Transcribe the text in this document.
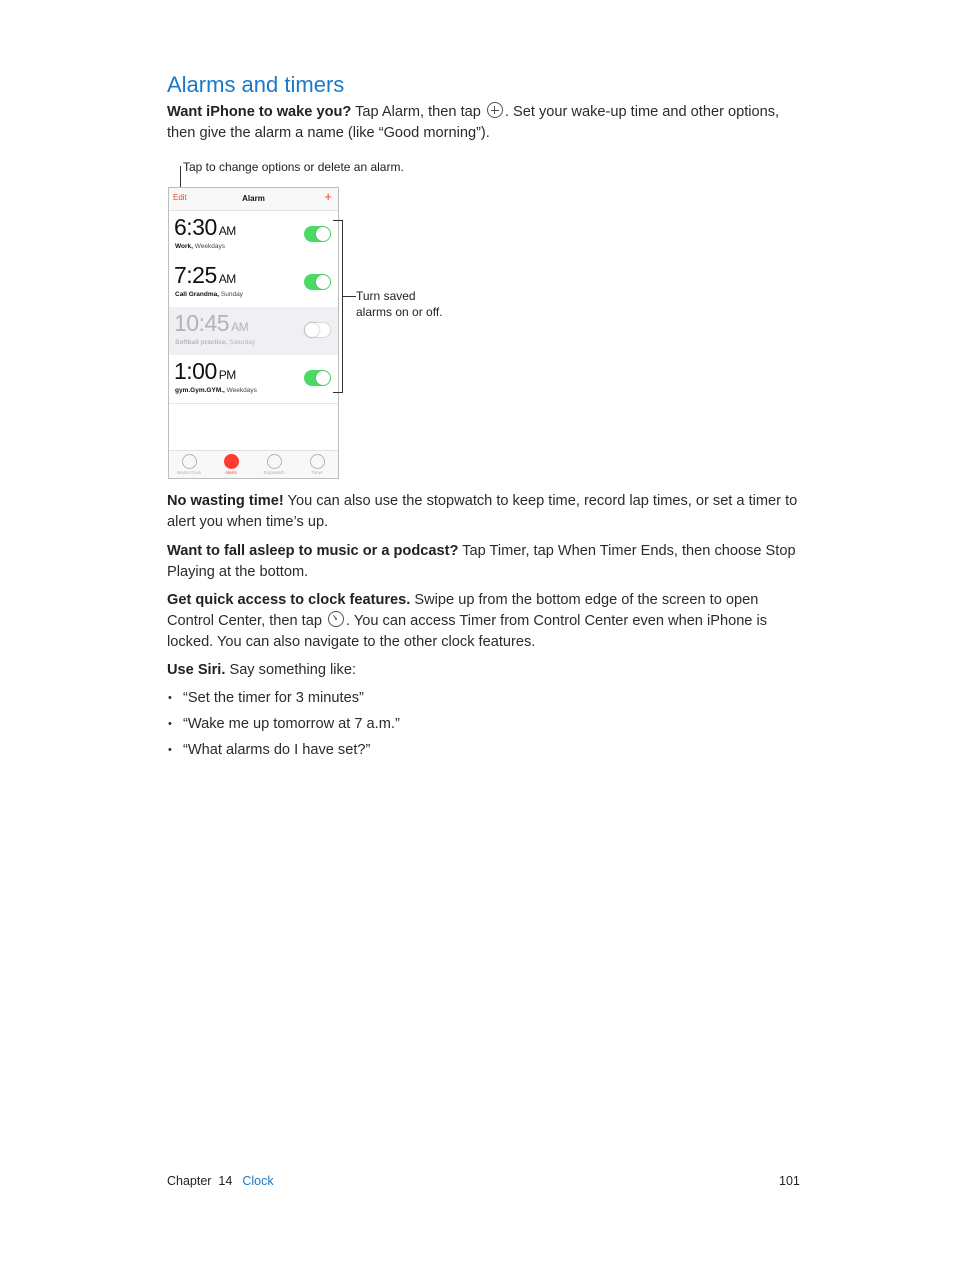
Alarms and timers
Want iPhone to wake you? Tap Alarm, then tap . Set your wake-up time and other options, then give the alarm a name (like “Good morning”).
Tap to change options or delete an alarm.
Edit	Alarm	+
6:30 AM
Work, Weekdays
7:25 AM
Call Grandma, Sunday
10:45 AM
Softball practice, Saturday
1:00 PM
gym.Gym.GYM., Weekdays
World Clock	Alarm	Stopwatch	Timer
Turn saved
alarms on or off.
No wasting time! You can also use the stopwatch to keep time, record lap times, or set a timer to alert you when time’s up.
Want to fall asleep to music or a podcast? Tap Timer, tap When Timer Ends, then choose Stop Playing at the bottom.
Get quick access to clock features. Swipe up from the bottom edge of the screen to open Control Center, then tap . You can access Timer from Control Center even when iPhone is locked. You can also navigate to the other clock features.
Use Siri. Say something like:
• “Set the timer for 3 minutes”
• “Wake me up tomorrow at 7 a.m.”
• “What alarms do I have set?”
Chapter  14 Clock	101
